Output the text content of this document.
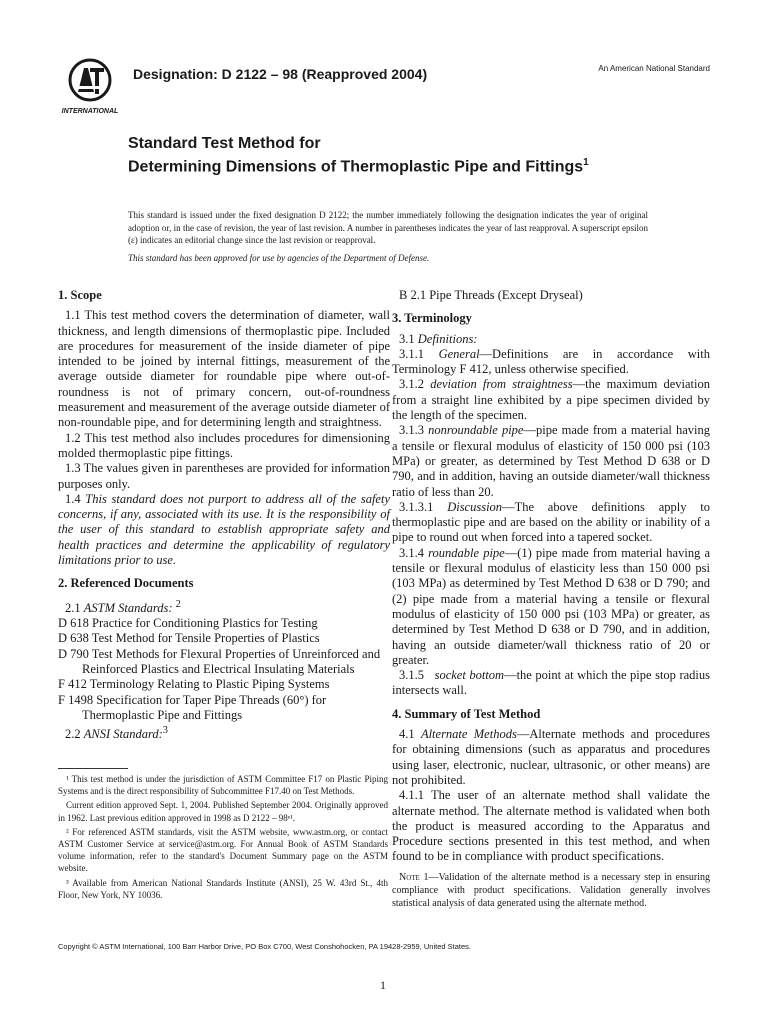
INTERNATIONAL
Designation: D 2122 – 98 (Reapproved 2004)	An American National Standard
Standard Test Method for
Determining Dimensions of Thermoplastic Pipe and Fittings$^1$

This standard is issued under the fixed designation D 2122; the number immediately following the designation indicates the year of original adoption or, in the case of revision, the year of last revision. A number in parentheses indicates the year of last reapproval. A superscript epsilon (ε) indicates an editorial change since the last revision or reapproval.

This standard has been approved for use by agencies of the Department of Defense.

1. Scope

1.1 This test method covers the determination of diameter, wall thickness, and length dimensions of thermoplastic pipe. Included are procedures for measurement of the inside diameter of pipe intended to be joined by internal fittings, measurement of the average outside diameter for roundable pipe where out-of-roundness is not of primary concern, out-of-roundness measurement and measurement of the average outside diameter of non-roundable pipe, and for determining length and straightness.

1.2 This test method also includes procedures for dimensioning molded thermoplastic pipe fittings.

1.3 The values given in parentheses are provided for information purposes only.

1.4 This standard does not purport to address all of the safety concerns, if any, associated with its use. It is the responsibility of the user of this standard to establish appropriate safety and health practices and determine the applicability of regulatory limitations prior to use.

2. Referenced Documents

2.1 ASTM Standards: $^2$

D 618 Practice for Conditioning Plastics for Testing

D 638 Test Method for Tensile Properties of Plastics

D 790 Test Methods for Flexural Properties of Unreinforced and Reinforced Plastics and Electrical Insulating Materials

F 412 Terminology Relating to Plastic Piping Systems

F 1498 Specification for Taper Pipe Threads (60°) for Thermoplastic Pipe and Fittings

2.2 ANSI Standard:$^3$

B 2.1 Pipe Threads (Except Dryseal)

3. Terminology

3.1 Definitions:

3.1.1 General—Definitions are in accordance with Terminology F 412, unless otherwise specified.

3.1.2 deviation from straightness—the maximum deviation from a straight line exhibited by a pipe specimen divided by the length of the specimen.

3.1.3 nonroundable pipe—pipe made from a material having a tensile or flexural modulus of elasticity of 150 000 psi (103 MPa) or greater, as determined by Test Method D 638 or D 790, and in addition, having an outside diameter/wall thickness ratio of less than 20.

3.1.3.1 Discussion—The above definitions apply to thermoplastic pipe and are based on the ability or inability of a pipe to round out when forced into a tapered socket.

3.1.4 roundable pipe—(1) pipe made from material having a tensile or flexural modulus of elasticity less than 150 000 psi (103 MPa) as determined by Test Method D 638 or D 790; and (2) pipe made from a material having a tensile or flexural modulus of elasticity of 150 000 psi (103 MPa) or greater, as determined by Test Method D 638 or D 790, and in addition, having an outside diameter/wall thickness ratio of 20 or greater.

3.1.5 socket bottom—the point at which the pipe stop radius intersects wall.

4. Summary of Test Method

4.1 Alternate Methods—Alternate methods and procedures for obtaining dimensions (such as apparatus and procedures using laser, electronic, nuclear, ultrasonic, or other means) are not prohibited.

4.1.1 The user of an alternate method shall validate the alternate method. The alternate method is validated when both the product is measured according to the Apparatus and Procedure sections presented in this test method, and when found to be in compliance with product specifications.

Note 1—Validation of the alternate method is a necessary step in ensuring compliance with product specifications. Validation generally involves statistical analysis of data generated using the alternate method.

¹ This test method is under the jurisdiction of ASTM Committee F17 on Plastic Piping Systems and is the direct responsibility of Subcommittee F17.40 on Test Methods.

Current edition approved Sept. 1, 2004. Published September 2004. Originally approved in 1962. Last previous edition approved in 1998 as D 2122 – 98ᵉ¹.

² For referenced ASTM standards, visit the ASTM website, www.astm.org, or contact ASTM Customer Service at service@astm.org. For Annual Book of ASTM Standards volume information, refer to the standard's Document Summary page on the ASTM website.

³ Available from American National Standards Institute (ANSI), 25 W. 43rd St., 4th Floor, New York, NY 10036.

Copyright © ASTM International, 100 Barr Harbor Drive, PO Box C700, West Conshohocken, PA 19428-2959, United States.
1
